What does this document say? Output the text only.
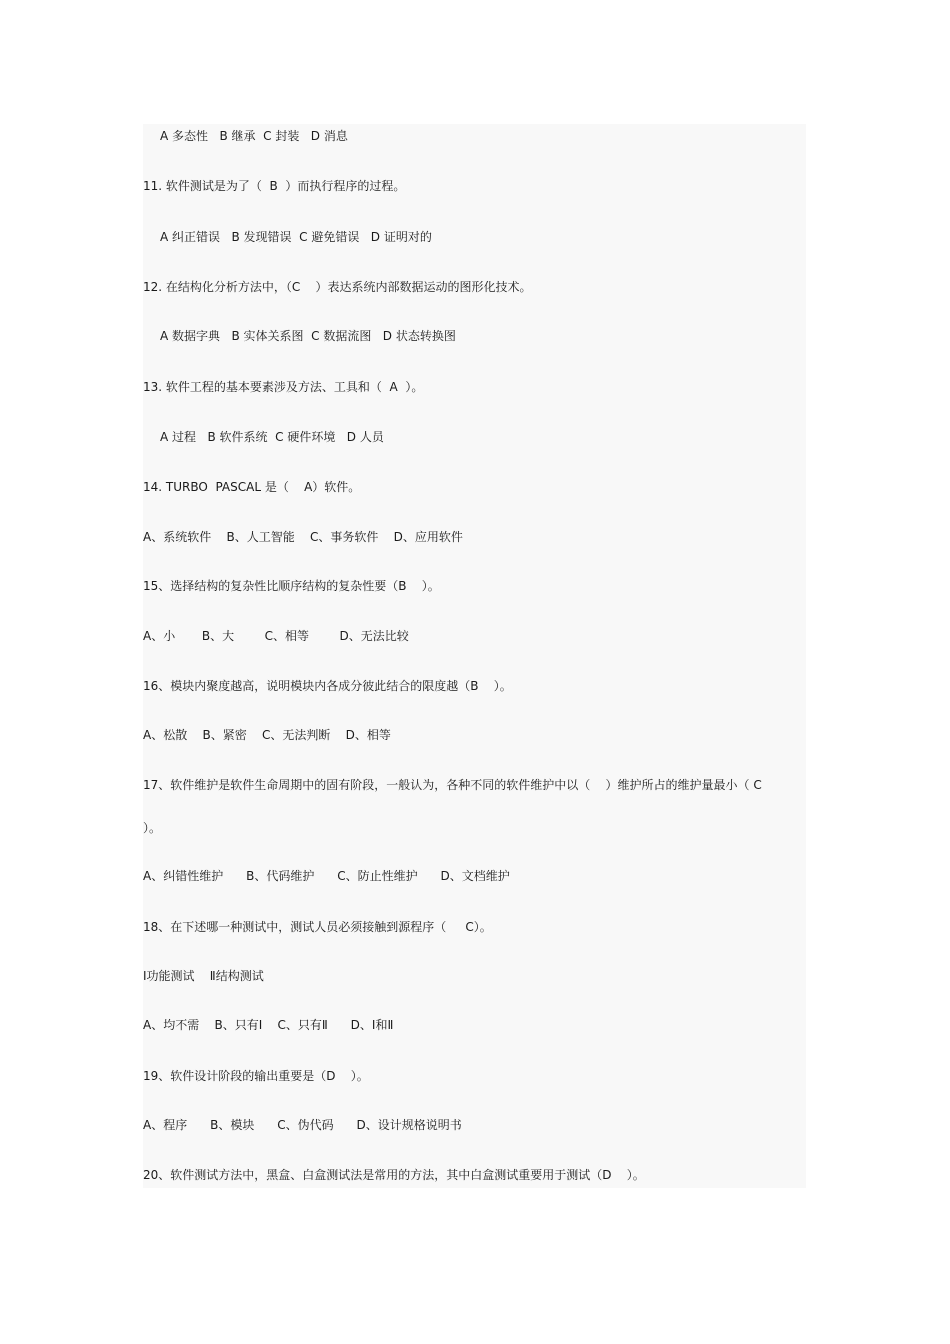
A 多态性   B 继承  C 封装   D 消息
11. 软件测试是为了（  B  ）而执行程序的过程。
A 纠正错误   B 发现错误  C 避免错误   D 证明对的
12. 在结构化分析方法中，（C    ）表达系统内部数据运动的图形化技术。
A 数据字典   B 实体关系图  C 数据流图   D 状态转换图
13. 软件工程的基本要素涉及方法、工具和（  A  ）。
A 过程   B 软件系统  C 硬件环境   D 人员
14. TURBO  PASCAL 是（    A）软件。
A、系统软件    B、人工智能    C、事务软件    D、应用软件
15、选择结构的复杂性比顺序结构的复杂性要（B    ）。
A、小       B、大        C、相等        D、无法比较
16、模块内聚度越高，说明模块内各成分彼此结合的限度越（B    ）。
A、松散    B、紧密    C、无法判断    D、相等
17、软件维护是软件生命周期中的固有阶段，一般认为，各种不同的软件维护中以（    ）维护所占的维护量最小（ C
）。
A、纠错性维护      B、代码维护      C、防止性维护      D、文档维护
18、在下述哪一种测试中，测试人员必须接触到源程序（     C）。
Ⅰ功能测试    Ⅱ结构测试
A、均不需    B、只有Ⅰ    C、只有Ⅱ      D、Ⅰ和Ⅱ
19、软件设计阶段的输出重要是（D    ）。
A、程序      B、模块      C、伪代码      D、设计规格说明书
20、软件测试方法中，黑盒、白盒测试法是常用的方法，其中白盒测试重要用于测试（D    ）。
